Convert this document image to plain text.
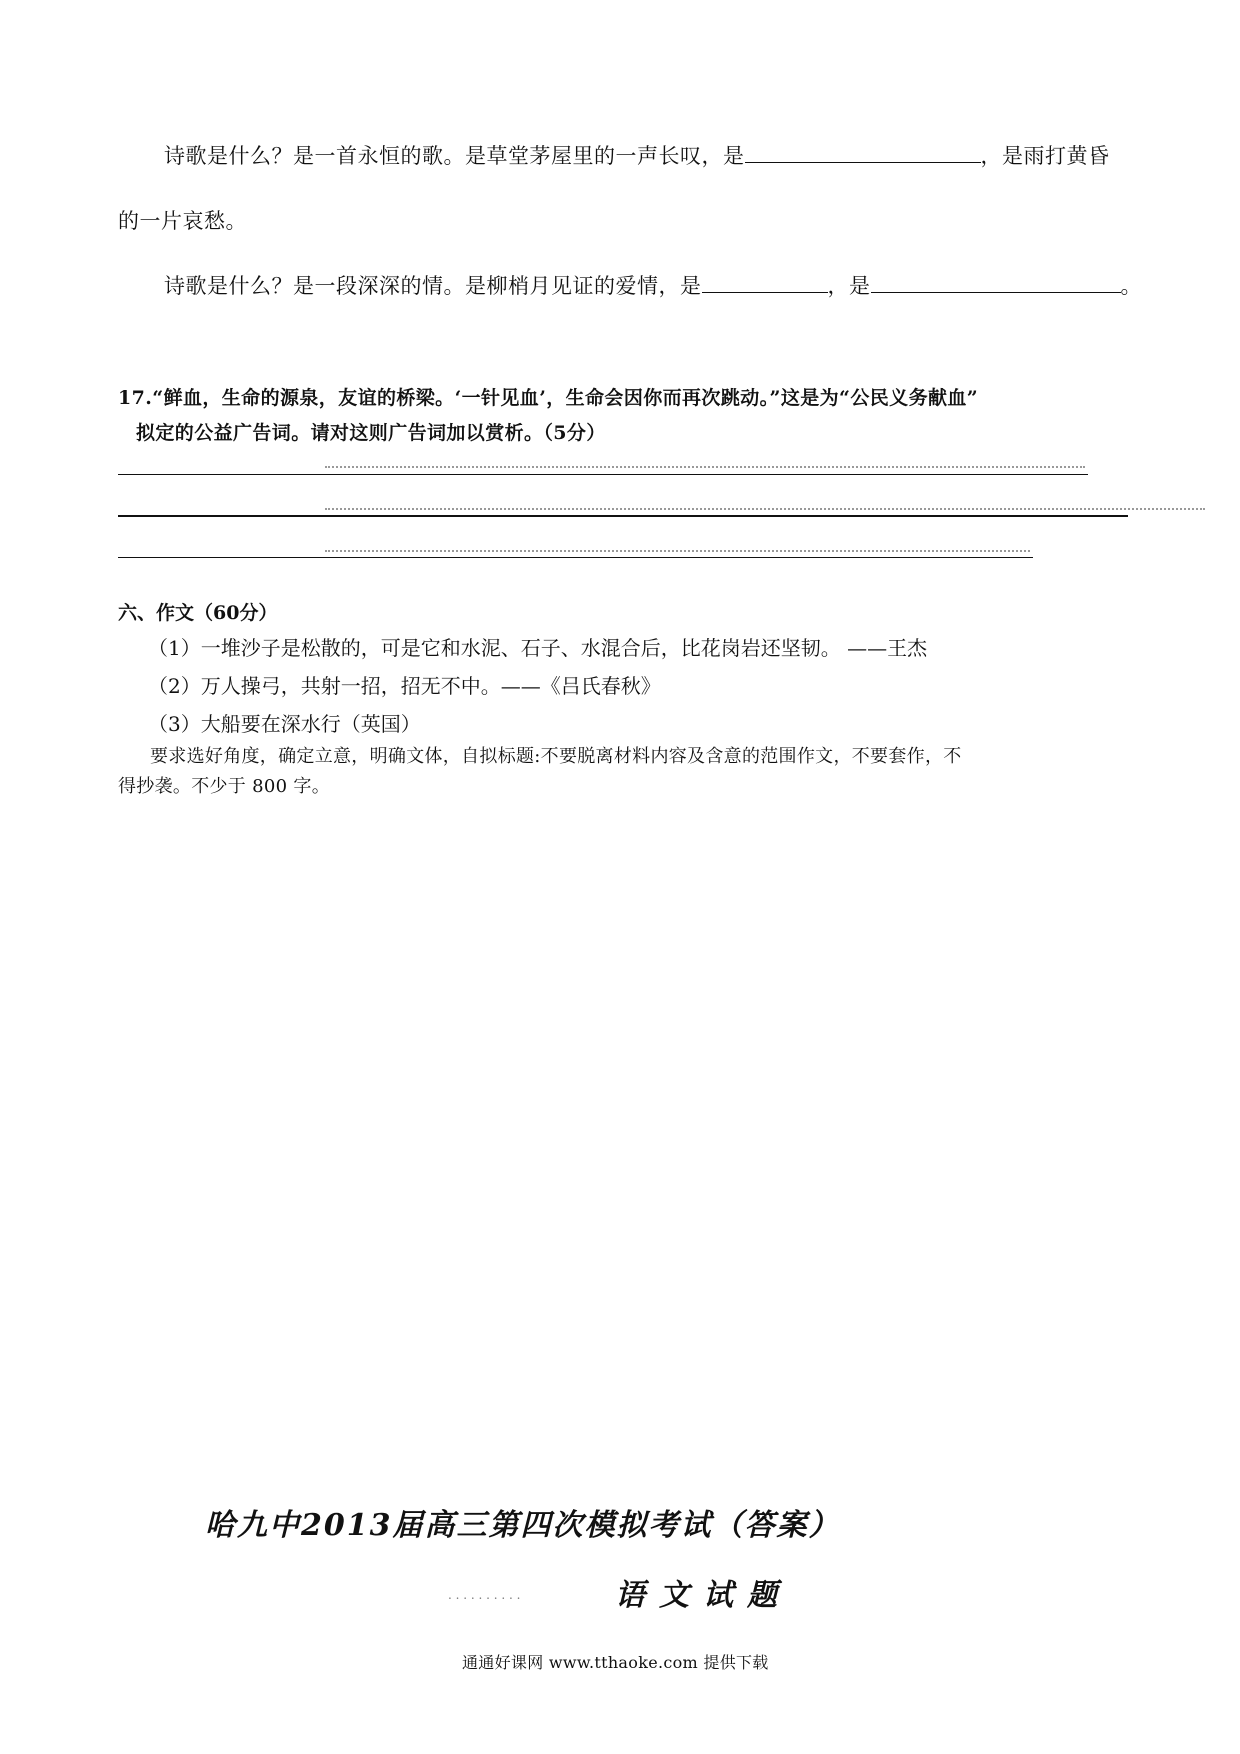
诗歌是什么？是一首永恒的歌。是草堂茅屋里的一声长叹，是	，是雨打黄昏
的一片哀愁。
诗歌是什么？是一段深深的情。是柳梢月见证的爱情，是	，是	。
17.“鲜血，生命的源泉，友谊的桥梁。‘一针见血’，生命会因你而再次跳动。”这是为“公民义务献血”
拟定的公益广告词。请对这则广告词加以赏析。（5分）
六、作文（60分）
（1）一堆沙子是松散的，可是它和水泥、石子、水混合后，比花岗岩还坚韧。 ——王杰
（2）万人操弓，共射一招，招无不中。——《吕氏春秋》
（3）大船要在深水行（英国）
要求选好角度，确定立意，明确文体，自拟标题:不要脱离材料内容及含意的范围作文，不要套作，不
得抄袭。不少于 800 字。
哈九中2013届高三第四次模拟考试（答案）
. . . . . . . . . .	语文试题
通通好课网 www.tthaoke.com 提供下载
